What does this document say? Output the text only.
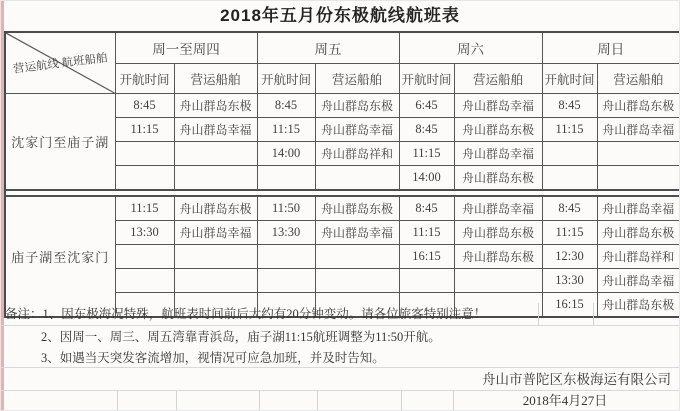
2018年五月份东极航线航班表
营运航线 航班船舶	周一至周四		周五		周六		周日	
	开航时间	营运船舶	开航时间	营运船舶	开航时间	营运船舶	开航时间	营运船舶
沈家门至庙子湖	8:45	舟山群岛东极	8:45	舟山群岛东极	6:45	舟山群岛幸福	8:45	舟山群岛东极
	11:15	舟山群岛幸福	11:15	舟山群岛幸福	8:45	舟山群岛东极	11:15	舟山群岛幸福
			14:00	舟山群岛祥和	11:15	舟山群岛幸福		
					14:00	舟山群岛东极		

庙子湖至沈家门	11:15	舟山群岛东极	11:50	舟山群岛东极	8:45	舟山群岛幸福	8:45	舟山群岛幸福
	13:30	舟山群岛幸福	13:30	舟山群岛幸福	11:15	舟山群岛东极	11:15	舟山群岛东极
					16:15	舟山群岛东极	12:30	舟山群岛祥和
							13:30	舟山群岛幸福
							16:15	舟山群岛东极
备注：1、因东极海况特殊，航班表时间前后大约有20分钟变动。请各位旅客特别注意！
2、因周一、周三、周五湾靠青浜岛，庙子湖11:15航班调整为11:50开航。
3、如遇当天突发客流增加，视情况可应急加班，并及时告知。
舟山市普陀区东极海运有限公司
2018年4月27日
